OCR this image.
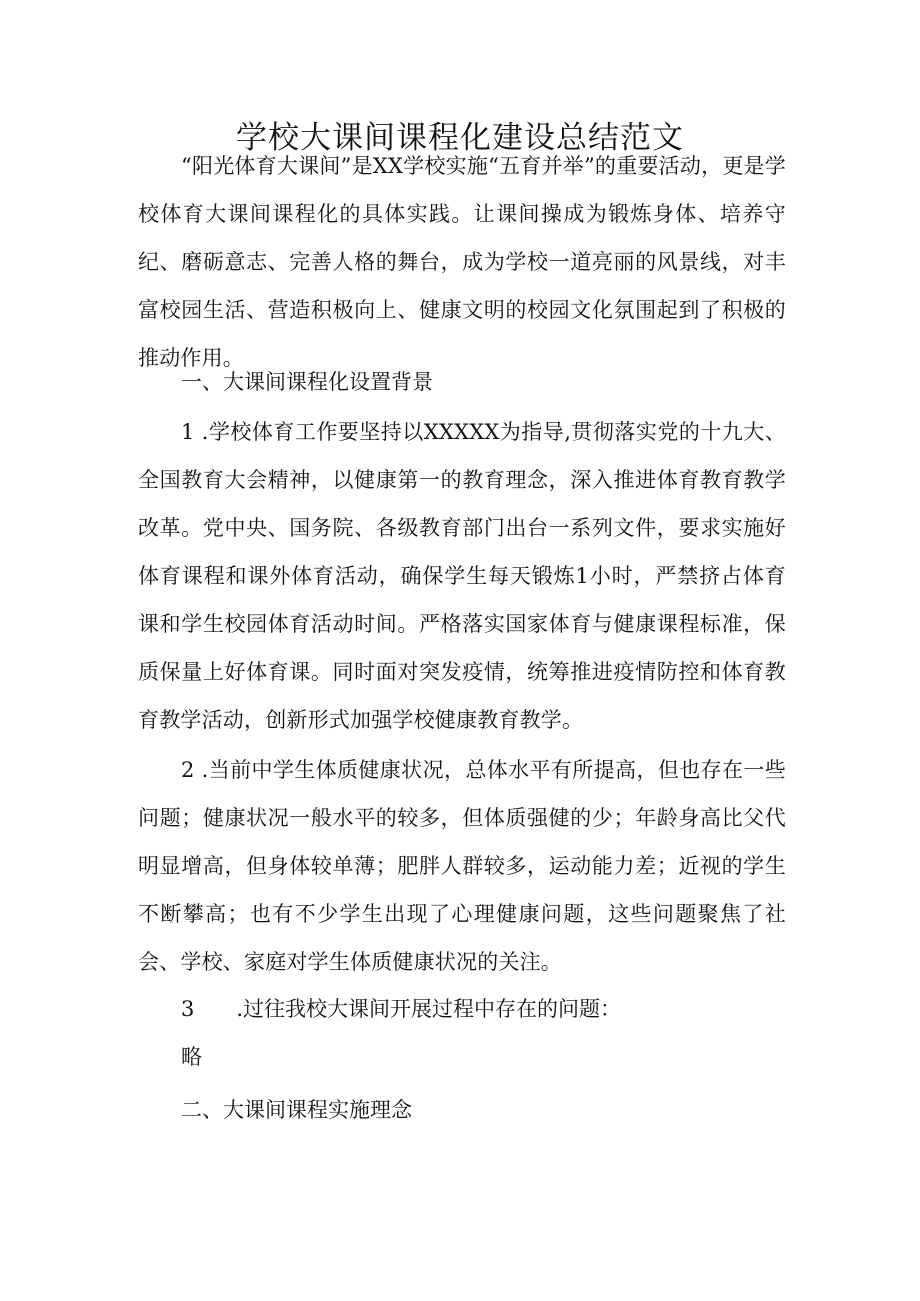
学校大课间课程化建设总结范文

“阳光体育大课间”是XX学校实施“五育并举”的重要活动，更是学校体育大课间课程化的具体实践。让课间操成为锻炼身体、培养守纪、磨砺意志、完善人格的舞台，成为学校一道亮丽的风景线，对丰富校园生活、营造积极向上、健康文明的校园文化氛围起到了积极的推动作用。

一、大课间课程化设置背景

1 .学校体育工作要坚持以XXXXX为指导,贯彻落实党的十九大、全国教育大会精神，以健康第一的教育理念，深入推进体育教育教学改革。党中央、国务院、各级教育部门出台一系列文件，要求实施好体育课程和课外体育活动，确保学生每天锻炼1小时，严禁挤占体育课和学生校园体育活动时间。严格落实国家体育与健康课程标准，保质保量上好体育课。同时面对突发疫情，统筹推进疫情防控和体育教育教学活动，创新形式加强学校健康教育教学。

2 .当前中学生体质健康状况，总体水平有所提高，但也存在一些问题；健康状况一般水平的较多，但体质强健的少；年龄身高比父代明显增高，但身体较单薄；肥胖人群较多，运动能力差；近视的学生不断攀高；也有不少学生出现了心理健康问题，这些问题聚焦了社会、学校、家庭对学生体质健康状况的关注。

3 .过往我校大课间开展过程中存在的问题：

略

二、大课间课程实施理念
